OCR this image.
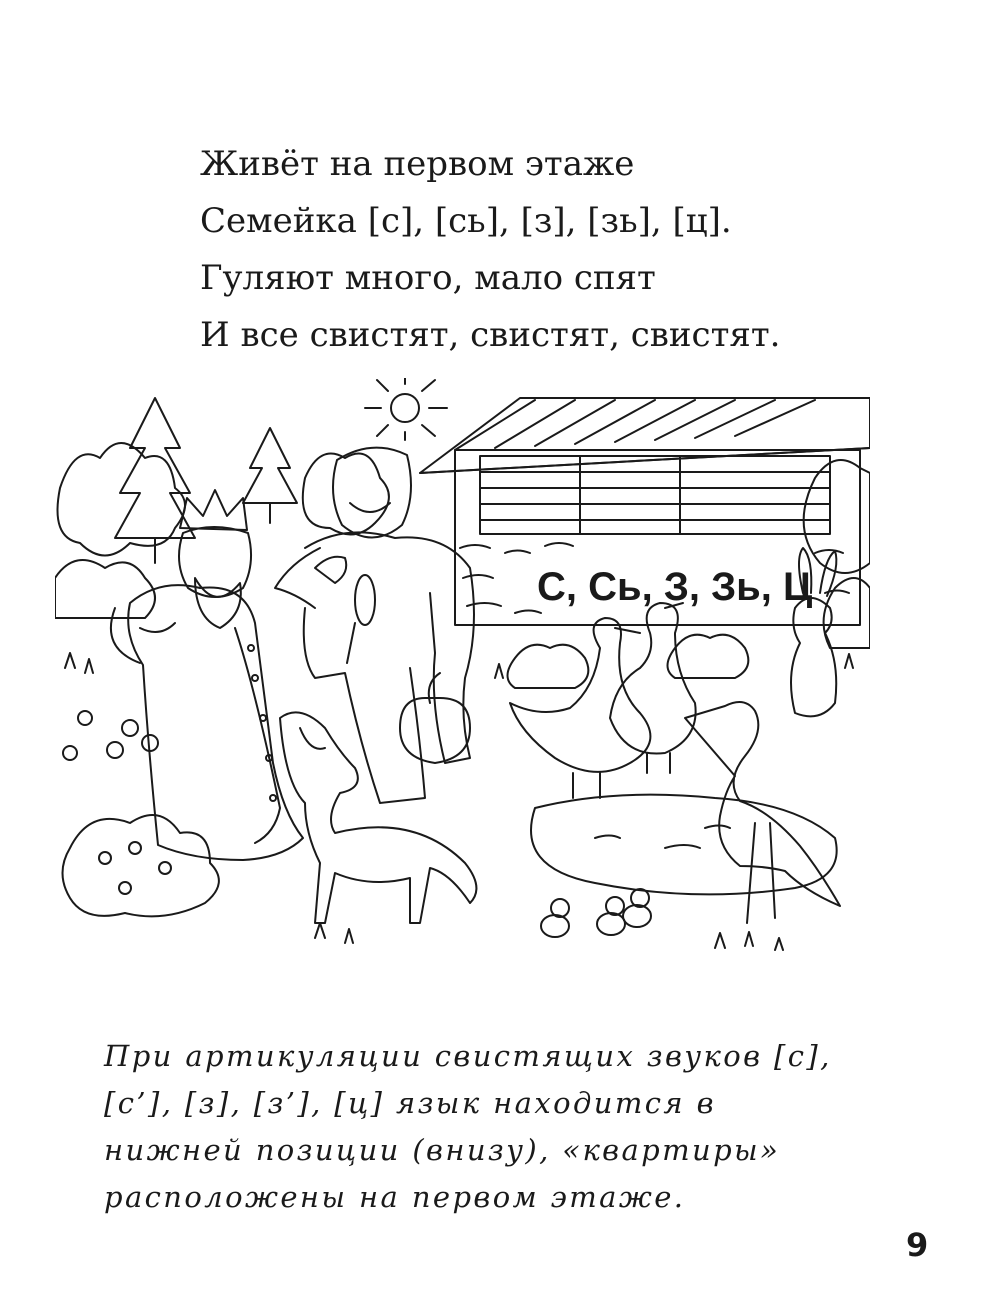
Живёт на первом этаже
Семейка [с], [сь], [з], [зь], [ц].
Гуляют много, мало спят
И все свистят, свистят, свистят.
С, Сь, З, Зь, Ц

При артикуляции свистящих звуков [с], [с’], [з], [з’], [ц] язык находится в нижней позиции (внизу), «квартиры» расположены на первом этаже.

9
